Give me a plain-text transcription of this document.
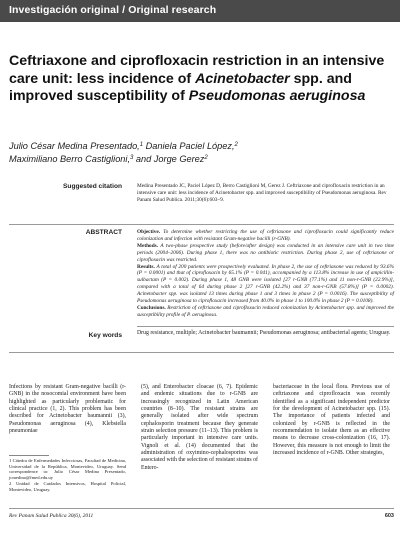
Investigación original / Original research
Ceftriaxone and ciprofloxacin restriction in an intensive care unit: less incidence of Acinetobacter spp. and improved susceptibility of Pseudomonas aeruginosa
Julio César Medina Presentado,$^1$ Daniela Paciel López,$^2$
Maximiliano Berro Castiglioni,$^3$ and Jorge Gerez$^2$
Suggested citation	Medina Presentado JC, Paciel López D, Berro Castiglioni M, Gerez J. Ceftriaxone and ciprofloxacin restriction in an intensive care unit: less incidence of Acinetobacter spp. and improved susceptibility of Pseudomonas aeruginosa. Rev Panam Salud Publica. 2011;30(6):603–9.
ABSTRACT	Objective. To determine whether restricting the use of ceftriaxone and ciprofloxacin could significantly reduce colonization and infection with resistant Gram-negative bacilli (r-GNB).

Methods. A two-phase prospective study (before/after design) was conducted in an intensive care unit in two time periods (2004–2006). During phase 1, there was no antibiotic restriction. During phase 2, use of ceftriaxone or ciprofloxacin was restricted.

Results. A total of 200 patients were prospectively evaluated. In phase 2, the use of ceftriaxone was reduced by 93.6% (P = 0.0001) and that of ciprofloxacin by 65.1% (P = 0.041), accompanied by a 113.8% increase in use of ampicillin-sulbactam (P = 0.002). During phase 1, 48 GNB were isolated [27 r-GNB (77.1%) and 11 non-r-GNB (22.9%)], compared with a total of 64 during phase 2 [27 r-GNB (42.2%) and 37 non-r-GNB (57.8%)] (P = 0.0002). Acinetobacter spp. was isolated 13 times during phase 1 and 3 times in phase 2 (P = 0.0016). The susceptibility of Pseudomonas aeruginosa to ciprofloxacin increased from 40.0% in phase 1 to 100.0% in phase 2 (P = 0.0108).

Conclusions. Restriction of ceftriaxone and ciprofloxacin reduced colonization by Acinetobacter spp. and improved the susceptibility profile of P. aeruginosa.

Key words	Drug resistance, multiple; Acinetobacter baumannii; Pseudomonas aeruginosa; antibacterial agents; Uruguay.

Infections by resistant Gram-negative bacilli (r-GNB) in the nosocomial environment have been highlighted as particularly problematic for clinical practice (1, 2). This problem has been described for Acinetobacter baumannii (3), Pseudomonas aeruginosa (4), Klebsiella pneumoniae

(5), and Enterobacter cloacae (6, 7). Epidemic and endemic situations due to r-GNB are increasingly recognized in Latin American countries (8–10). The resistant strains are generally isolated after wide spectrum cephalosporin treatment because they generate strain selection pressure (11–13). This problem is particularly important in intensive care units. Vignoli et al. (14) documented that the administration of oxyimino-cephalosporins was associated with the selection of resistant strains of Entero-

bacteriaceae in the local flora. Previous use of ceftriaxone and ciprofloxacin was recently identified as a significant independent predictor for the development of Acinetobacter spp. (15). The importance of patients infected and colonized by r-GNB is reflected in the recommendation to isolate them as an effective means to decrease cross-colonization (16, 17). However, this measure is not enough to limit the increased incidence of r-GNB. Other strategies,

1 Cátedra de Enfermedades Infecciosas, Facultad de Medicina, Universidad de la República, Montevideo, Uruguay. Send correspondence to: Julio César Medina Presentado, jcmedina@fmed.edu.uy

2 Unidad de Cuidados Intensivos, Hospital Policial, Montevideo, Uruguay.

Rev Panam Salud Publica 30(6), 2011	603
